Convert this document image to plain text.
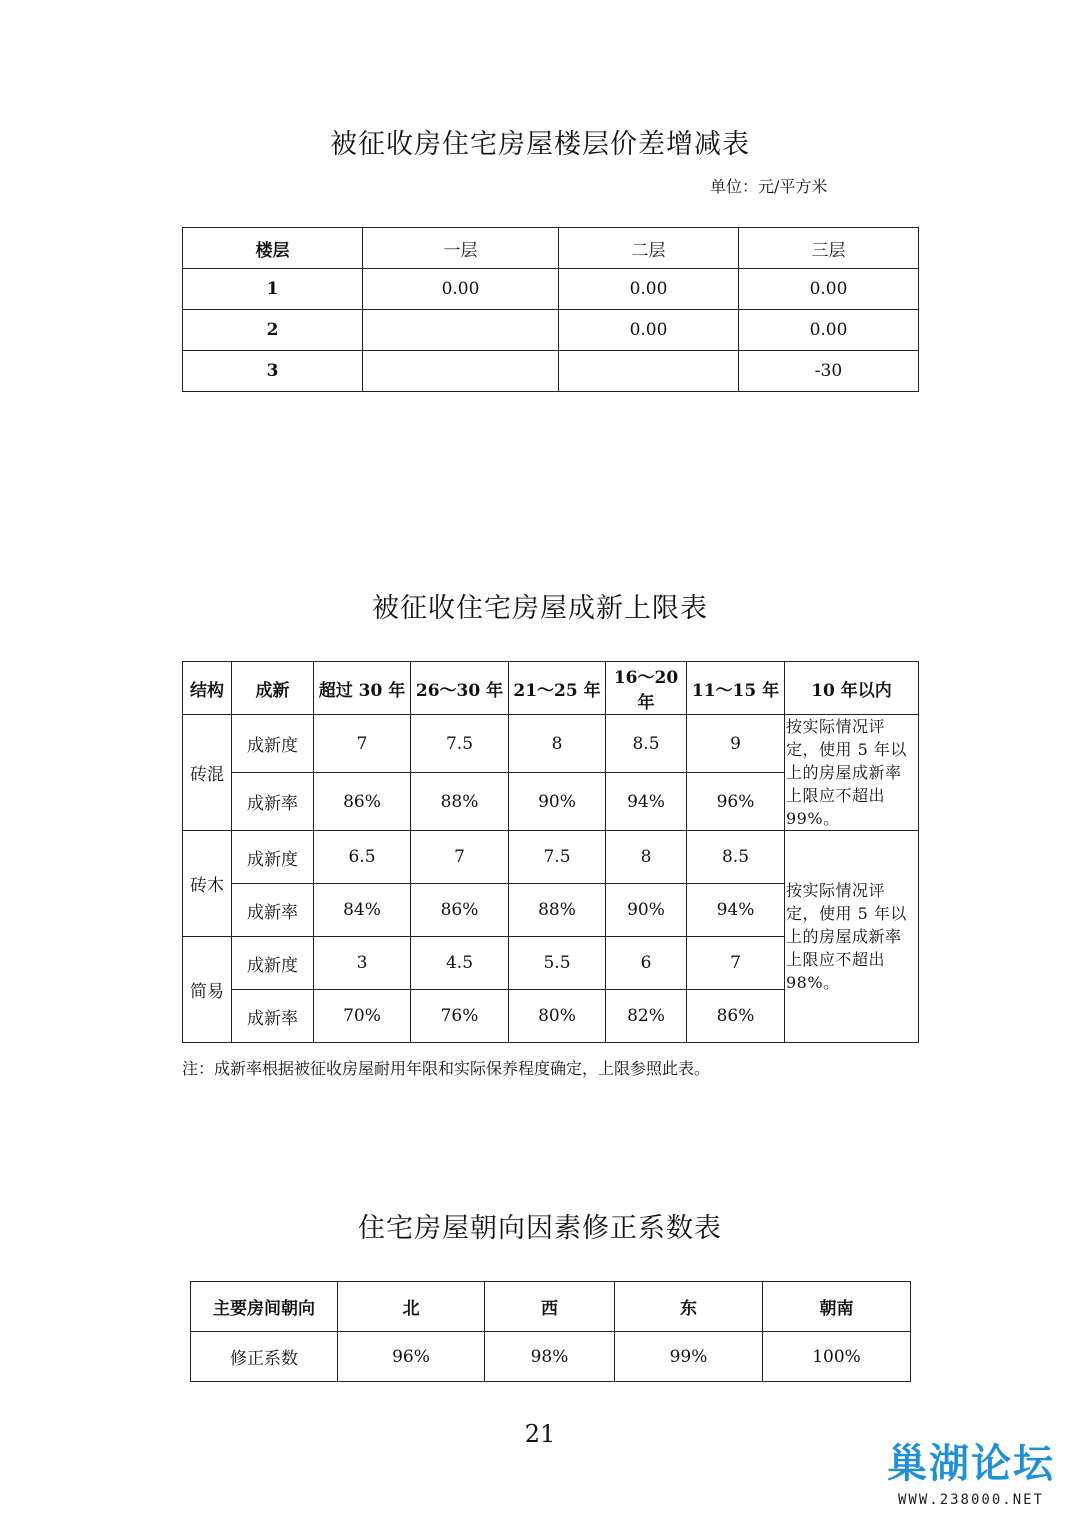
被征收房住宅房屋楼层价差增减表
单位：元/平方米
楼层	一层	二层	三层
1	0.00	0.00	0.00
2		0.00	0.00
3			-30
被征收住宅房屋成新上限表
结构	成新	超过 30 年	26～30 年	21～25 年	16～20 年	11～15 年	10 年以内
砖混	成新度	7	7.5	8	8.5	9	按实际情况评定，使用 5 年以上的房屋成新率上限应不超出 99%。
	成新率	86%	88%	90%	94%	96%	
砖木	成新度	6.5	7	7.5	8	8.5	按实际情况评定，使用 5 年以上的房屋成新率上限应不超出 98%。
	成新率	84%	86%	88%	90%	94%	
简易	成新度	3	4.5	5.5	6	7	
	成新率	70%	76%	80%	82%	86%	
注：成新率根据被征收房屋耐用年限和实际保养程度确定，上限参照此表。
住宅房屋朝向因素修正系数表
主要房间朝向	北	西	东	朝南
修正系数	96%	98%	99%	100%
21
巢湖论坛
WWW.238000.NET
